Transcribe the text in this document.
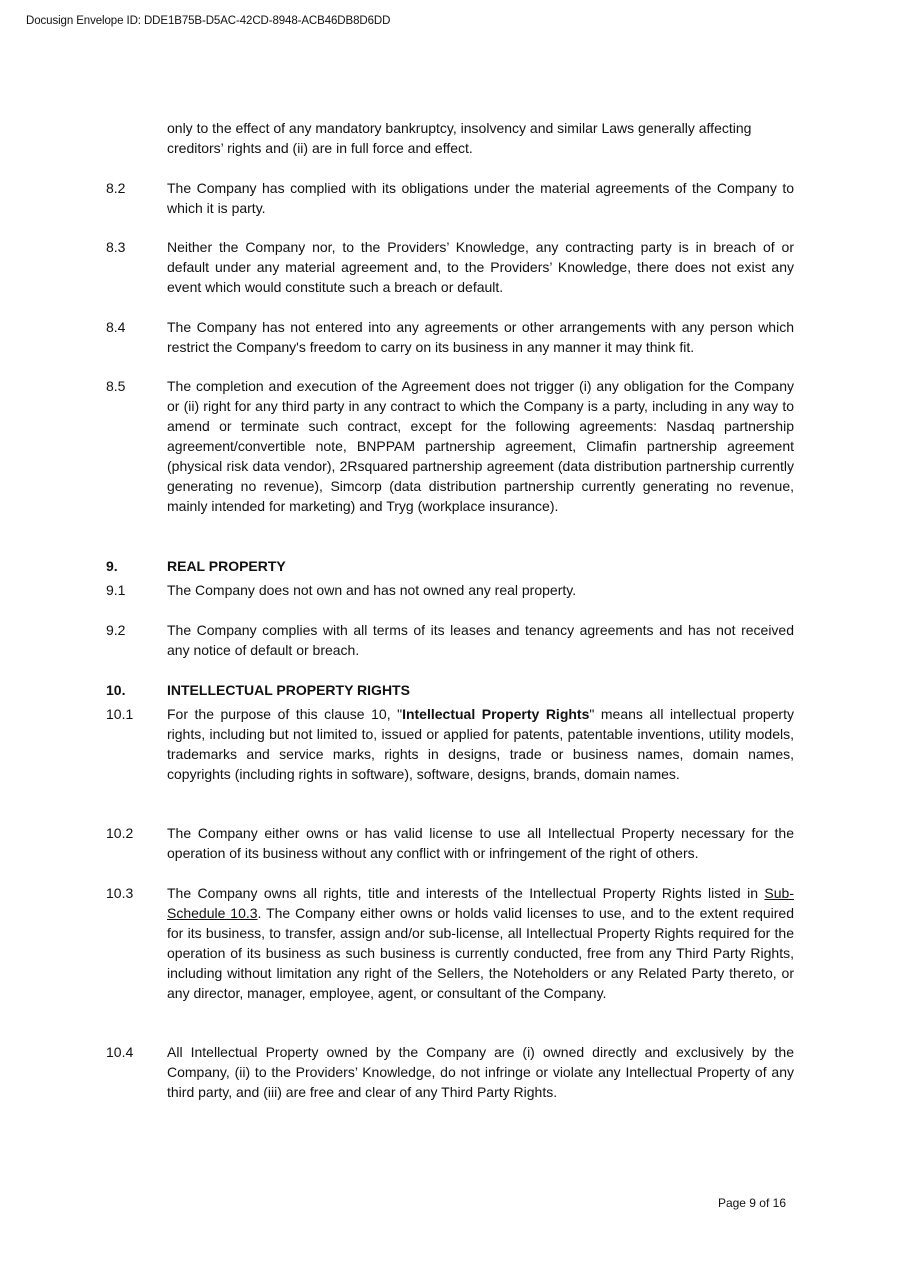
Docusign Envelope ID: DDE1B75B-D5AC-42CD-8948-ACB46DB8D6DD
only to the effect of any mandatory bankruptcy, insolvency and similar Laws generally affecting creditors’ rights and (ii) are in full force and effect.
8.2	The Company has complied with its obligations under the material agreements of the Company to which it is party.
8.3	Neither the Company nor, to the Providers’ Knowledge, any contracting party is in breach of or default under any material agreement and, to the Providers’ Knowledge, there does not exist any event which would constitute such a breach or default.
8.4	The Company has not entered into any agreements or other arrangements with any person which restrict the Company's freedom to carry on its business in any manner it may think fit.
8.5	The completion and execution of the Agreement does not trigger (i) any obligation for the Company or (ii) right for any third party in any contract to which the Company is a party, including in any way to amend or terminate such contract, except for the following agreements: Nasdaq partnership agreement/convertible note, BNPPAM partnership agreement, Climafin partnership agreement (physical risk data vendor), 2Rsquared partnership agreement (data distribution partnership currently generating no revenue), Simcorp (data distribution partnership currently generating no revenue, mainly intended for marketing) and Tryg (workplace insurance).
9.	REAL PROPERTY
9.1	The Company does not own and has not owned any real property.
9.2	The Company complies with all terms of its leases and tenancy agreements and has not received any notice of default or breach.
10.	INTELLECTUAL PROPERTY RIGHTS
10.1	For the purpose of this clause 10, "Intellectual Property Rights" means all intellectual property rights, including but not limited to, issued or applied for patents, patentable inventions, utility models, trademarks and service marks, rights in designs, trade or business names, domain names, copyrights (including rights in software), software, designs, brands, domain names.
10.2	The Company either owns or has valid license to use all Intellectual Property necessary for the operation of its business without any conflict with or infringement of the right of others.
10.3	The Company owns all rights, title and interests of the Intellectual Property Rights listed in Sub-Schedule 10.3. The Company either owns or holds valid licenses to use, and to the extent required for its business, to transfer, assign and/or sub-license, all Intellectual Property Rights required for the operation of its business as such business is currently conducted, free from any Third Party Rights, including without limitation any right of the Sellers, the Noteholders or any Related Party thereto, or any director, manager, employee, agent, or consultant of the Company.
10.4	All Intellectual Property owned by the Company are (i) owned directly and exclusively by the Company, (ii) to the Providers’ Knowledge, do not infringe or violate any Intellectual Property of any third party, and (iii) are free and clear of any Third Party Rights.
Page 9 of 16
